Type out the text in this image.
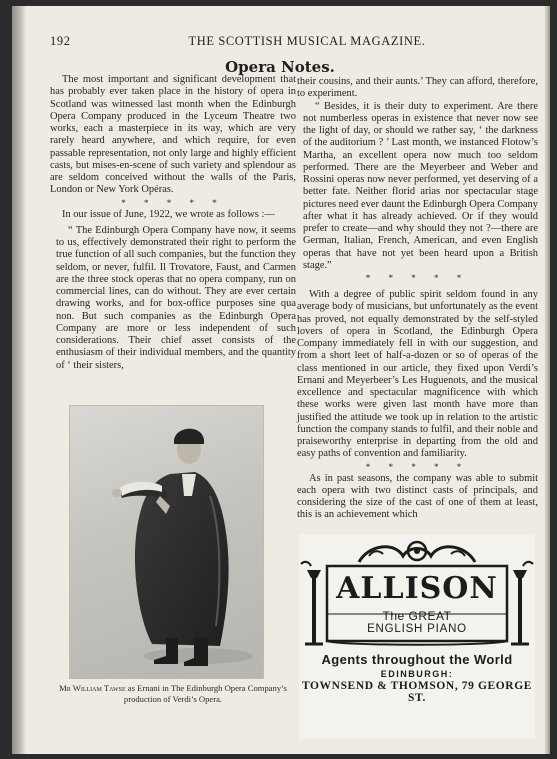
192	THE SCOTTISH MUSICAL MAGAZINE.
Opera Notes.

The most important and significant development that has probably ever taken place in the history of opera in Scotland was witnessed last month when the Edinburgh Opera Company produced in the Lyceum Theatre two works, each a masterpiece in its way, which are very rarely heard anywhere, and which require, for even passable representation, not only large and highly efficient casts, but mises-en-scene of such variety and splendour as are seldom conceived without the walls of the Paris, London or New York Opéras.

* * * * *

In our issue of June, 1922, we wrote as follows :—

“ The Edinburgh Opera Company have now, it seems to us, effectively demonstrated their right to perform the true function of all such companies, but the function they seldom, or never, fulfil. Il Trovatore, Faust, and Carmen are the three stock operas that no opera company, run on commercial lines, can do without. They are ever certain drawing works, and for box-office purposes sine qua non. But such companies as the Edinburgh Opera Company are more or less independent of such considerations. Their chief asset consists of the enthusiasm of their individual members, and the quantity of ‘ their sisters,

their cousins, and their aunts.’ They can afford, therefore, to experiment.

“ Besides, it is their duty to experiment. Are there not numberless operas in existence that never now see the light of day, or should we rather say, ‘ the darkness of the auditorium ? ’ Last month, we instanced Flotow’s Martha, an excellent opera now much too seldom performed. There are the Meyerbeer and Weber and Rossini operas now never performed, yet deserving of a better fate. Neither florid arias nor spectacular stage pictures need ever daunt the Edinburgh Opera Company after what it has already achieved. Or if they would prefer to create—and why should they not ?—there are German, Italian, French, American, and even English operas that have not yet been heard upon a British stage.”

* * * * *

With a degree of public spirit seldom found in any average body of musicians, but unfortunately as the event has proved, not equally demonstrated by the self-styled lovers of opera in Scotland, the Edinburgh Opera Company immediately fell in with our suggestion, and from a short leet of half-a-dozen or so of operas of the class mentioned in our article, they fixed upon Verdi’s Ernani and Meyerbeer’s Les Huguenots, and the musical excellence and spectacular magnificence with which these works were given last month have more than justified the attitude we took up in relation to the artistic function the company stands to fulfil, and their noble and praiseworthy enterprise in departing from the old and easy paths of convention and familiarity.

* * * * *

As in past seasons, the company was able to submit each opera with two distinct casts of principals, and considering the size of the cast of one of them at least, this is an achievement which

Mr William Tawse as Ernani in The Edinburgh Opera Company’s production of Verdi’s Opera.
ALLISON
The GREAT
ENGLISH PIANO
Agents throughout the World
EDINBURGH:
TOWNSEND & THOMSON, 79 GEORGE ST.
